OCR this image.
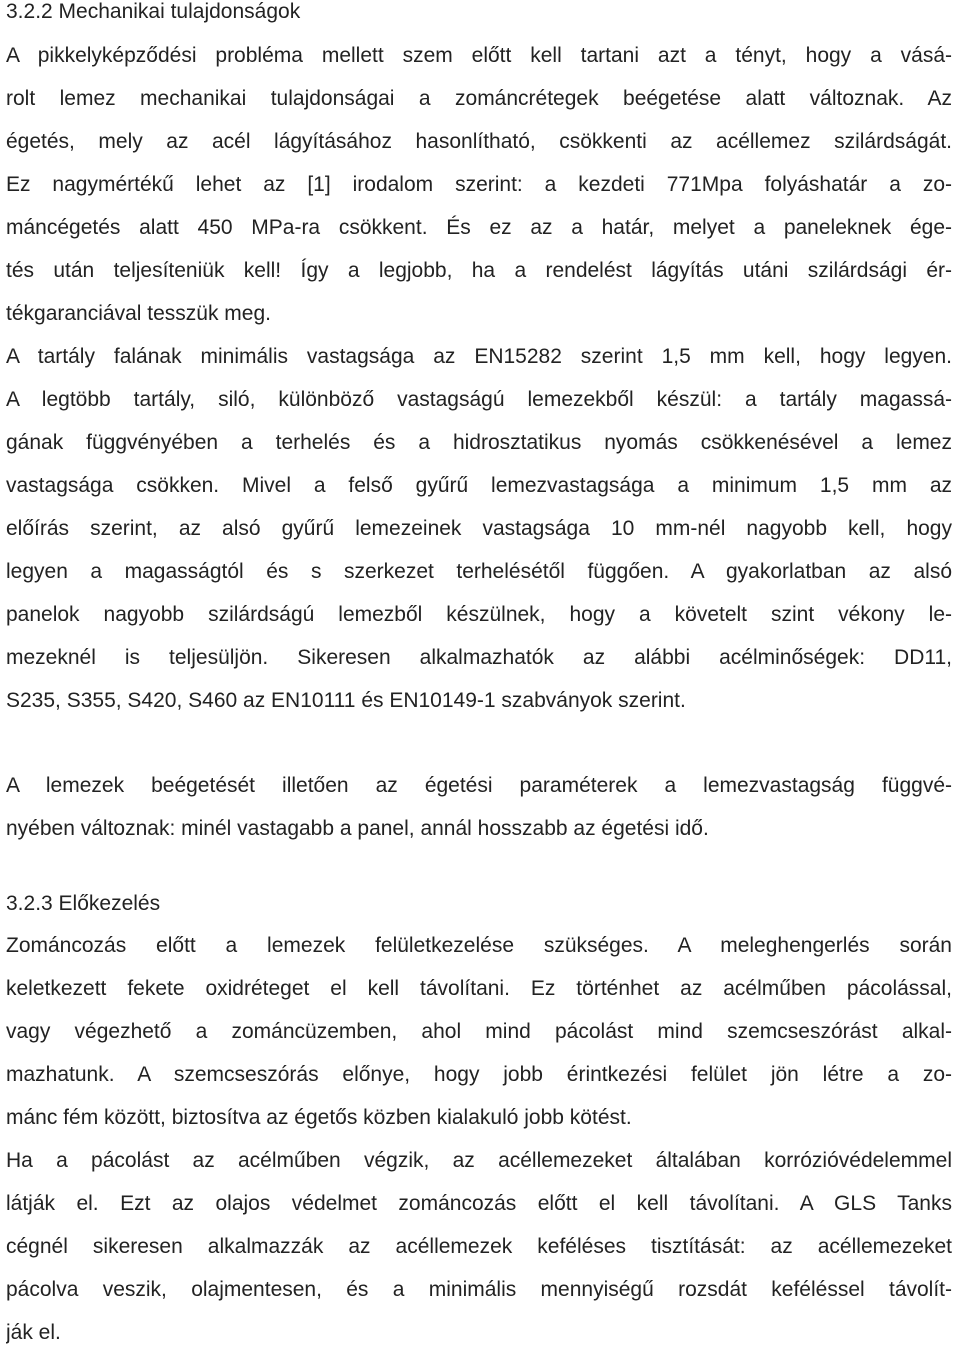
3.2.2 Mechanikai tulajdonságok
A pikkelyképződési probléma mellett szem előtt kell tartani azt a tényt, hogy a vásá-
rolt lemez mechanikai tulajdonságai a zománcrétegek beégetése alatt változnak. Az
égetés, mely az acél lágyításához hasonlítható, csökkenti az acéllemez szilárdságát.
Ez nagymértékű lehet az [1] irodalom szerint: a kezdeti 771Mpa folyáshatár a zo-
máncégetés alatt 450 MPa-ra csökkent. És ez az a határ, melyet a paneleknek ége-
tés után teljesíteniük kell! Így a legjobb, ha a rendelést lágyítás utáni szilárdsági ér-
tékgaranciával tesszük meg.
A tartály falának minimális vastagsága az EN15282 szerint 1,5 mm kell, hogy legyen.
A legtöbb tartály, siló, különböző vastagságú lemezekből készül: a tartály magassá-
gának függvényében a terhelés és a hidrosztatikus nyomás csökkenésével a lemez
vastagsága csökken. Mivel a felső gyűrű lemezvastagsága a minimum 1,5 mm az
előírás szerint, az alsó gyűrű lemezeinek vastagsága 10 mm-nél nagyobb kell, hogy
legyen a magasságtól és s szerkezet terhelésétől függően. A gyakorlatban az alsó
panelok nagyobb szilárdságú lemezből készülnek, hogy a követelt szint vékony le-
mezeknél is teljesüljön. Sikeresen alkalmazhatók az alábbi acélminőségek: DD11,
S235, S355, S420, S460 az EN10111 és EN10149-1 szabványok szerint.
A lemezek beégetését illetően az égetési paraméterek a lemezvastagság függvé-
nyében változnak: minél vastagabb a panel, annál hosszabb az égetési idő.
3.2.3 Előkezelés
Zománcozás előtt a lemezek felületkezelése szükséges. A meleghengerlés során
keletkezett fekete oxidréteget el kell távolítani. Ez történhet az acélműben pácolással,
vagy végezhető a zománcüzemben, ahol mind pácolást mind szemcseszórást alkal-
mazhatunk. A szemcseszórás előnye, hogy jobb érintkezési felület jön létre a zo-
mánc fém között, biztosítva az égetős közben kialakuló jobb kötést.
Ha a pácolást az acélműben végzik, az acéllemezeket általában korrózióvédelemmel
látják el. Ezt az olajos védelmet zománcozás előtt el kell távolítani. A GLS Tanks
cégnél sikeresen alkalmazzák az acéllemezek keféléses tisztítását: az acéllemezeket
pácolva veszik, olajmentesen, és a minimális mennyiségű rozsdát keféléssel távolít-
ják el.
